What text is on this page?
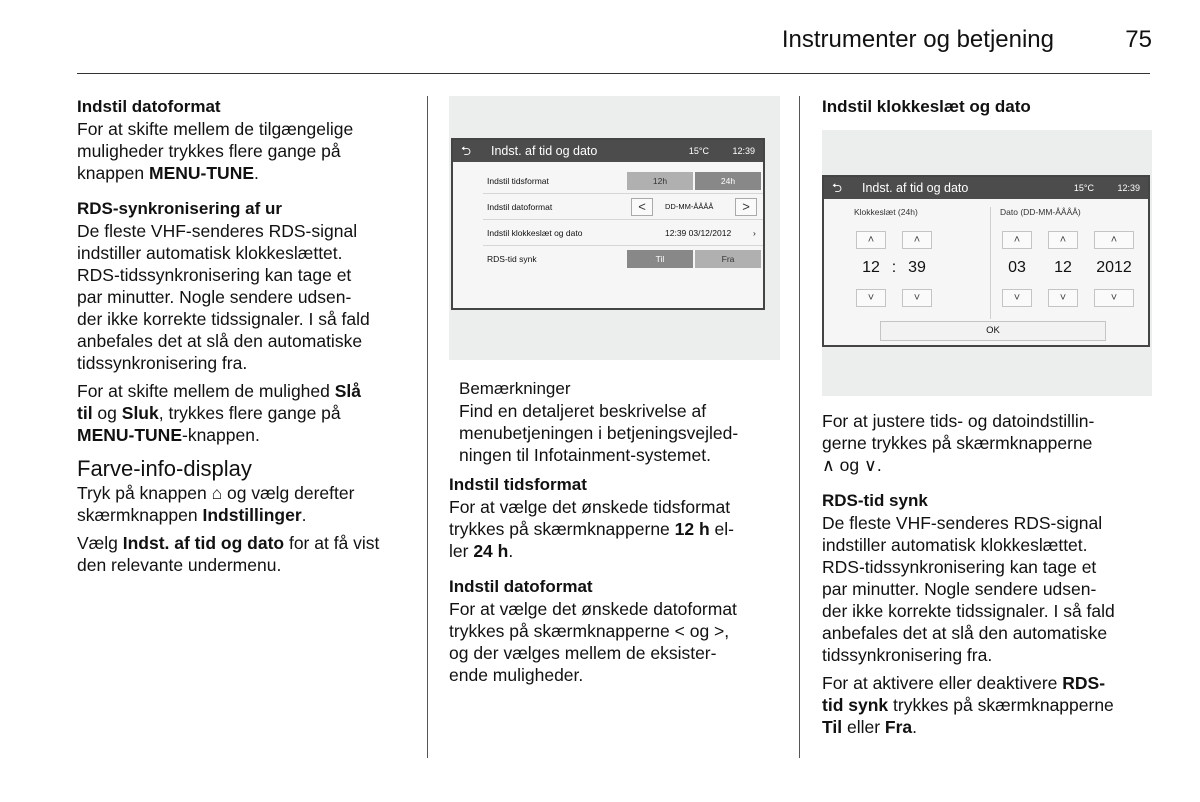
Instrumenter og betjening	75
Indstil datoformat
For at skifte mellem de tilgængelige
muligheder trykkes flere gange på
knappen MENU-TUNE.
RDS-synkronisering af ur
De fleste VHF-senderes RDS-signal
indstiller automatisk klokkeslættet.
RDS-tidssynkronisering kan tage et
par minutter. Nogle sendere udsen-
der ikke korrekte tidssignaler. I så fald
anbefales det at slå den automatiske
tidssynkronisering fra.
For at skifte mellem de mulighed Slå
til og Sluk, trykkes flere gange på
MENU-TUNE-knappen.
Farve-info-display
Tryk på knappen ⌂ og vælg derefter
skærmknappen Indstillinger.
Vælg Indst. af tid og dato for at få vist
den relevante undermenu.
⮌ Indst. af tid og dato	15°C	12:39
Indstil tidsformat	12h	24h
Indstil datoformat	<	DD-MM-ÅÅÅÅ	>
Indstil klokkeslæt og dato	12:39 03/12/2012	›
RDS-tid synk	Til	Fra
Bemærkninger
Find en detaljeret beskrivelse af
menubetjeningen i betjeningsvejled-
ningen til Infotainment-systemet.
Indstil tidsformat
For at vælge det ønskede tidsformat
trykkes på skærmknapperne 12 h el-
ler 24 h.
Indstil datoformat
For at vælge det ønskede datoformat
trykkes på skærmknapperne < og >,
og der vælges mellem de eksister-
ende muligheder.
Indstil klokkeslæt og dato
⮌ Indst. af tid og dato	15°C	12:39
Klokkeslæt (24h)	Dato (DD-MM-ÅÅÅÅ)
˄	˄	˄	˄	˄
12 : 39	03	12	2012
˅	˅	˅	˅	˅
OK
For at justere tids- og datoindstillin-
gerne trykkes på skærmknapperne
∧ og ∨.
RDS-tid synk
De fleste VHF-senderes RDS-signal
indstiller automatisk klokkeslættet.
RDS-tidssynkronisering kan tage et
par minutter. Nogle sendere udsen-
der ikke korrekte tidssignaler. I så fald
anbefales det at slå den automatiske
tidssynkronisering fra.
For at aktivere eller deaktivere RDS-
tid synk trykkes på skærmknapperne
Til eller Fra.
